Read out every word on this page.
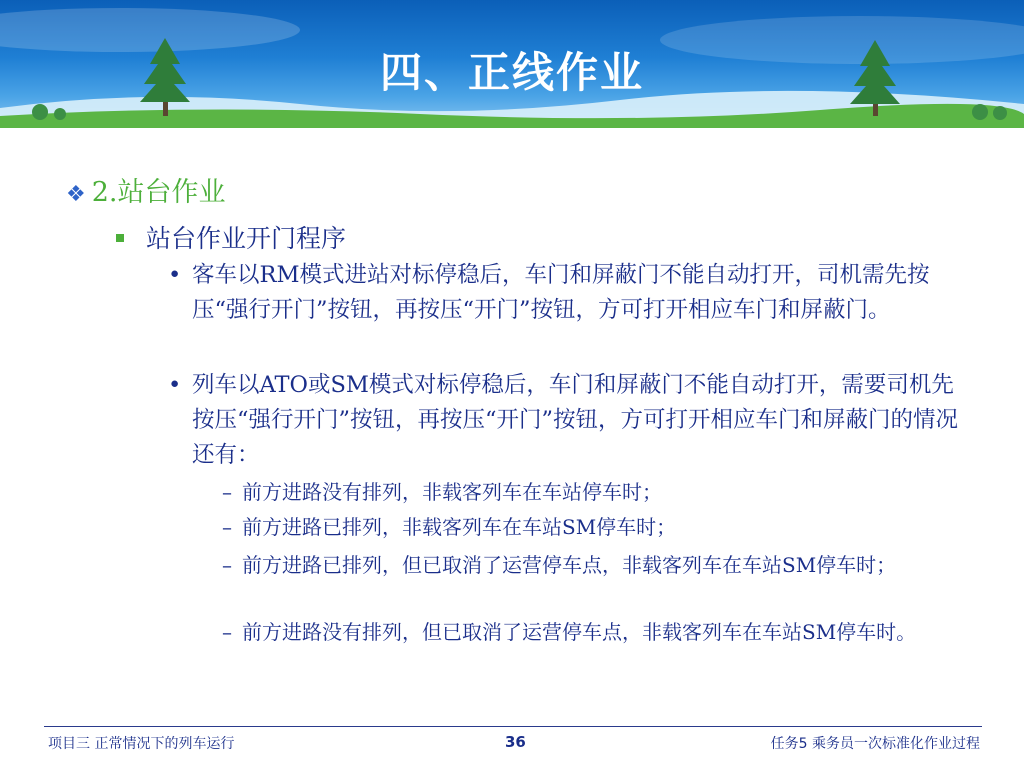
四、正线作业
❖ 2.站台作业
站台作业开门程序
• 客车以RM模式进站对标停稳后，车门和屏蔽门不能自动打开，司机需先按压“强行开门”按钮，再按压“开门”按钮，方可打开相应车门和屏蔽门。
• 列车以ATO或SM模式对标停稳后，车门和屏蔽门不能自动打开，需要司机先按压“强行开门”按钮，再按压“开门”按钮，方可打开相应车门和屏蔽门的情况还有：
– 前方进路没有排列，非载客列车在车站停车时；
– 前方进路已排列，非载客列车在车站SM停车时；
– 前方进路已排列，但已取消了运营停车点，非载客列车在车站SM停车时；
– 前方进路没有排列，但已取消了运营停车点，非载客列车在车站SM停车时。
项目三 正常情况下的列车运行	36	任务5 乘务员一次标准化作业过程
